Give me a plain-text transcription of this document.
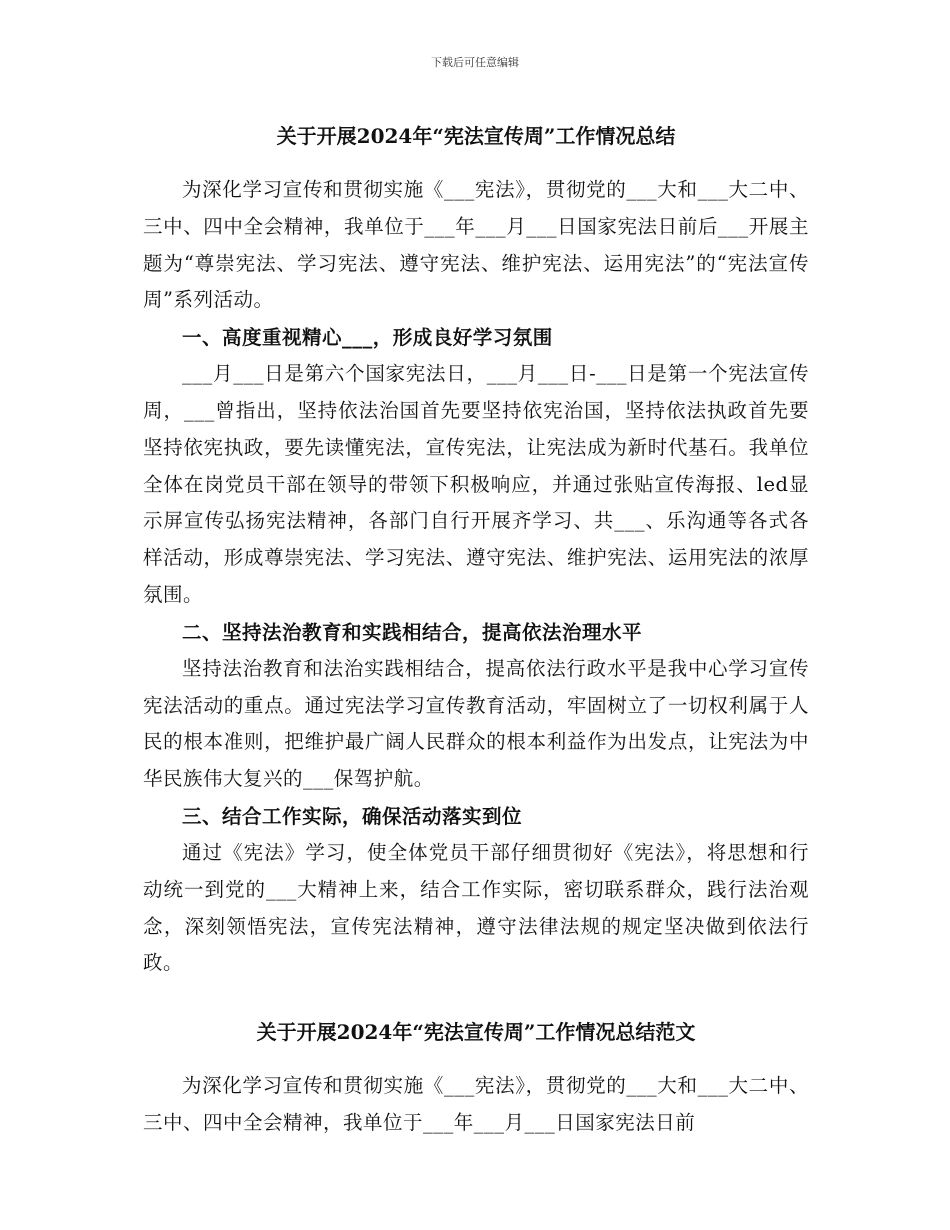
下载后可任意编辑

关于开展2024年“宪法宣传周”工作情况总结

为深化学习宣传和贯彻实施《___宪法》，贯彻党的___大和___大二中、三中、四中全会精神，我单位于___年___月___日国家宪法日前后___开展主题为“尊崇宪法、学习宪法、遵守宪法、维护宪法、运用宪法”的“宪法宣传周”系列活动。

一、高度重视精心___，形成良好学习氛围

___月___日是第六个国家宪法日，___月___日-___日是第一个宪法宣传周，___曾指出，坚持依法治国首先要坚持依宪治国，坚持依法执政首先要坚持依宪执政，要先读懂宪法，宣传宪法，让宪法成为新时代基石。我单位全体在岗党员干部在领导的带领下积极响应，并通过张贴宣传海报、led显示屏宣传弘扬宪法精神，各部门自行开展齐学习、共___、乐沟通等各式各样活动，形成尊崇宪法、学习宪法、遵守宪法、维护宪法、运用宪法的浓厚氛围。

二、坚持法治教育和实践相结合，提高依法治理水平

坚持法治教育和法治实践相结合，提高依法行政水平是我中心学习宣传宪法活动的重点。通过宪法学习宣传教育活动，牢固树立了一切权利属于人民的根本准则，把维护最广阔人民群众的根本利益作为出发点，让宪法为中华民族伟大复兴的___保驾护航。

三、结合工作实际，确保活动落实到位

通过《宪法》学习，使全体党员干部仔细贯彻好《宪法》，将思想和行动统一到党的___大精神上来，结合工作实际，密切联系群众，践行法治观念，深刻领悟宪法，宣传宪法精神，遵守法律法规的规定坚决做到依法行政。

关于开展2024年“宪法宣传周”工作情况总结范文

为深化学习宣传和贯彻实施《___宪法》，贯彻党的___大和___大二中、三中、四中全会精神，我单位于___年___月___日国家宪法日前
